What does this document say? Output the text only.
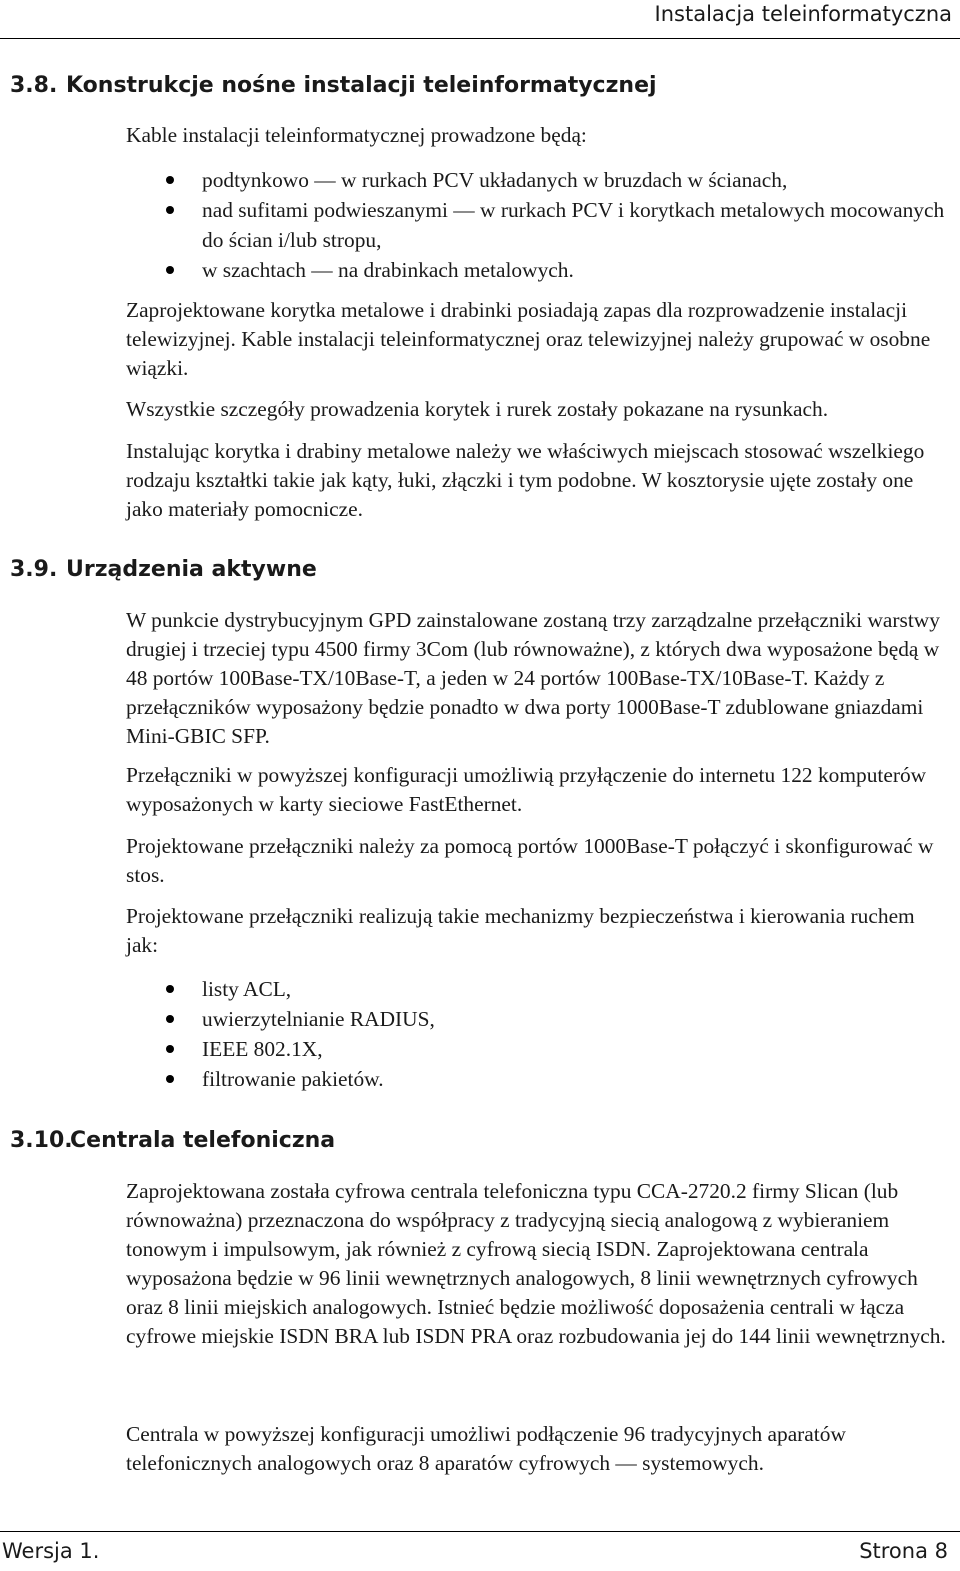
Instalacja teleinformatyczna
3.8. Konstrukcje nośne instalacji teleinformatycznej

Kable instalacji teleinformatycznej prowadzone będą:

podtynkowo — w rurkach PCV układanych w bruzdach w ścianach,
nad sufitami podwieszanymi — w rurkach PCV i korytkach metalowych mocowanych do ścian i/lub stropu,
w szachtach — na drabinkach metalowych.

Zaprojektowane korytka metalowe i drabinki posiadają zapas dla rozprowadzenie instalacji telewizyjnej. Kable instalacji teleinformatycznej oraz telewizyjnej należy grupować w osobne wiązki.

Wszystkie szczegóły prowadzenia korytek i rurek zostały pokazane na rysunkach.

Instalując korytka i drabiny metalowe należy we właściwych miejscach stosować wszelkiego rodzaju kształtki takie jak kąty, łuki, złączki i tym podobne. W kosztorysie ujęte zostały one jako materiały pomocnicze.

3.9. Urządzenia aktywne

W punkcie dystrybucyjnym GPD zainstalowane zostaną trzy zarządzalne przełączniki warstwy drugiej i trzeciej typu 4500 firmy 3Com (lub równoważne), z których dwa wyposażone będą w 48 portów 100Base-TX/10Base-T, a jeden w 24 portów 100Base-TX/10Base-T. Każdy z przełączników wyposażony będzie ponadto w dwa porty 1000Base-T zdublowane gniazdami Mini-GBIC SFP.

Przełączniki w powyższej konfiguracji umożliwią przyłączenie do internetu 122 komputerów wyposażonych w karty sieciowe FastEthernet.

Projektowane przełączniki należy za pomocą portów 1000Base-T połączyć i skonfigurować w stos.

Projektowane przełączniki realizują takie mechanizmy bezpieczeństwa i kierowania ruchem jak:

listy ACL,
uwierzytelnianie RADIUS,
IEEE 802.1X,
filtrowanie pakietów.
3.10.
Centrala telefoniczna

Zaprojektowana została cyfrowa centrala telefoniczna typu CCA-2720.2 firmy Slican (lub równoważna) przeznaczona do współpracy z tradycyjną siecią analogową z wybieraniem tonowym i impulsowym, jak również z cyfrową siecią ISDN. Zaprojektowana centrala wyposażona będzie w 96 linii wewnętrznych analogowych, 8 linii wewnętrznych cyfrowych oraz 8 linii miejskich analogowych. Istnieć będzie możliwość doposażenia centrali w łącza cyfrowe miejskie ISDN BRA lub ISDN PRA oraz rozbudowania jej do 144 linii wewnętrznych.

Centrala w powyższej konfiguracji umożliwi podłączenie 96 tradycyjnych aparatów telefonicznych analogowych oraz 8 aparatów cyfrowych — systemowych.

Wersja 1.	Strona 8
